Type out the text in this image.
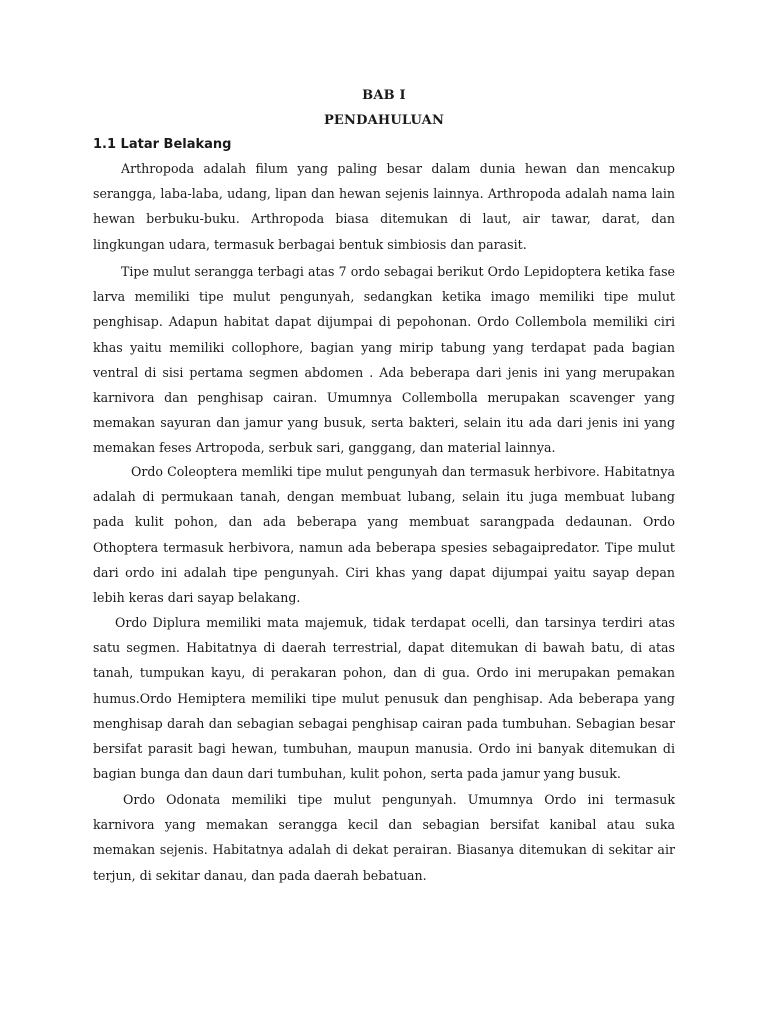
BAB I
PENDAHULUAN
1.1 Latar Belakang

Arthropoda adalah filum yang paling besar dalam dunia hewan dan mencakup serangga, laba-laba, udang, lipan dan hewan sejenis lainnya. Arthropoda adalah nama lain hewan berbuku-buku. Arthropoda biasa ditemukan di laut, air tawar, darat, dan lingkungan udara, termasuk berbagai bentuk simbiosis dan parasit.

Tipe mulut serangga terbagi atas 7 ordo sebagai berikut Ordo Lepidoptera ketika fase larva memiliki tipe mulut pengunyah, sedangkan ketika imago memiliki tipe mulut penghisap. Adapun habitat dapat dijumpai di pepohonan. Ordo Collembola memiliki ciri khas yaitu memiliki collophore, bagian yang mirip tabung yang terdapat pada bagian ventral di sisi pertama segmen abdomen . Ada beberapa dari jenis ini yang merupakan karnivora dan penghisap cairan. Umumnya Collembolla merupakan scavenger yang memakan sayuran dan jamur yang busuk, serta bakteri, selain itu ada dari jenis ini yang memakan feses Artropoda, serbuk sari, ganggang, dan material lainnya.

Ordo Coleoptera memliki tipe mulut pengunyah dan termasuk herbivore. Habitatnya adalah di permukaan tanah, dengan membuat lubang, selain itu juga membuat lubang pada kulit pohon, dan ada beberapa yang membuat sarangpada dedaunan. Ordo Othoptera termasuk herbivora, namun ada beberapa spesies sebagaipredator. Tipe mulut dari ordo ini adalah tipe pengunyah. Ciri khas yang dapat dijumpai yaitu sayap depan lebih keras dari sayap belakang.

Ordo Diplura memiliki mata majemuk, tidak terdapat ocelli, dan tarsinya terdiri atas satu segmen. Habitatnya di daerah terrestrial, dapat ditemukan di bawah batu, di atas tanah, tumpukan kayu, di perakaran pohon, dan di gua. Ordo ini merupakan pemakan humus.Ordo Hemiptera memiliki tipe mulut penusuk dan penghisap. Ada beberapa yang menghisap darah dan sebagian sebagai penghisap cairan pada tumbuhan. Sebagian besar bersifat parasit bagi hewan, tumbuhan, maupun manusia. Ordo ini banyak ditemukan di bagian bunga dan daun dari tumbuhan, kulit pohon, serta pada jamur yang busuk.

Ordo Odonata memiliki tipe mulut pengunyah. Umumnya Ordo ini termasuk karnivora yang memakan serangga kecil dan sebagian bersifat kanibal atau suka memakan sejenis. Habitatnya adalah di dekat perairan. Biasanya ditemukan di sekitar air terjun, di sekitar danau, dan pada daerah bebatuan.
